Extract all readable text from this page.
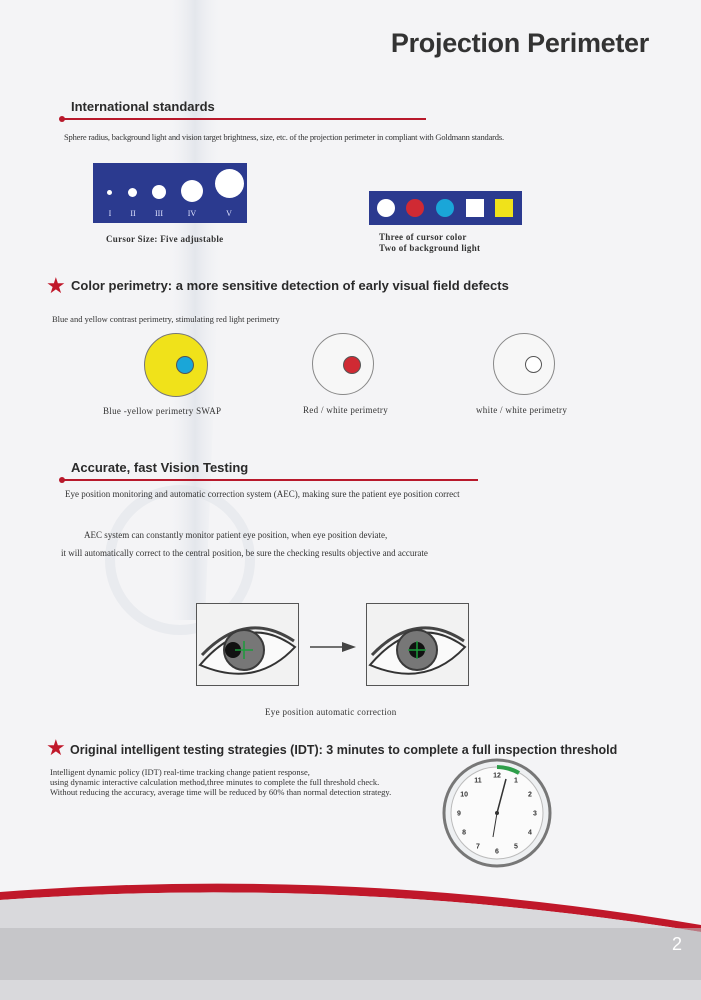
Projection Perimeter
International standards
Sphere radius, background light and vision target brightness, size, etc. of the projection perimeter in compliant with Goldmann standards.
I	II	III	IV	V
Cursor Size: Five adjustable	Three of cursor color
Two of background light
★ Color perimetry: a more sensitive detection of early visual field defects
Blue and yellow contrast perimetry, stimulating red light perimetry
Blue -yellow perimetry SWAP	Red / white perimetry	white / white perimetry
Accurate, fast Vision Testing
Eye position monitoring and automatic correction system (AEC), making sure the patient eye position correct
AEC system can constantly monitor patient eye position, when eye position deviate,
it will automatically correct to the central position, be sure the checking results objective and accurate
Eye position automatic correction
★ Original intelligent testing strategies (IDT): 3 minutes to complete a full inspection threshold
Intelligent dynamic policy (IDT) real-time tracking change patient response,
using dynamic interactive calculation method,three minutes to complete the full threshold check.
Without reducing the accuracy, average time will be reduced by 60% than normal detection strategy.
12
1
2
3
4
5
6
7
8
9
10
11
2
